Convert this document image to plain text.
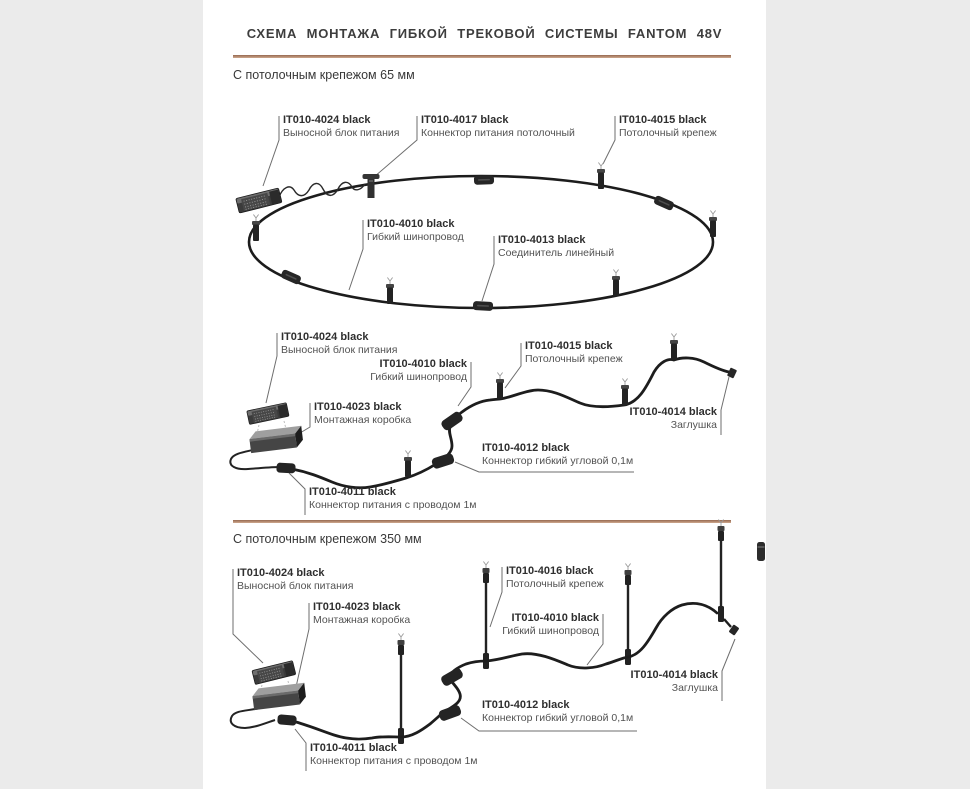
СХЕМА МОНТАЖА ГИБКОЙ ТРЕКОВОЙ СИСТЕМЫ FANTOM 48V
С потолочным крепежом 65 мм
С потолочным крепежом 350 мм
IT010-4024 black
Выносной блок питания
IT010-4017 black
Коннектор питания потолочный
IT010-4015 black
Потолочный крепеж
IT010-4010 black
Гибкий шинопровод	IT010-4013 black
Соединитель линейный
IT010-4024 black
Выносной блок питания
IT010-4023 black
Монтажная коробка
IT010-4010 black
Гибкий шинопровод
IT010-4015 black
Потолочный крепеж
IT010-4014 black
Заглушка
IT010-4012 black
Коннектор гибкий угловой 0,1м
IT010-4011 black
Коннектор питания с проводом 1м
IT010-4024 black
Выносной блок питания
IT010-4023 black
Монтажная коробка
IT010-4016 black
Потолочный крепеж
IT010-4010 black
Гибкий шинопровод
IT010-4014 black
Заглушка
IT010-4012 black
Коннектор гибкий угловой 0,1м
IT010-4011 black
Коннектор питания с проводом 1м
